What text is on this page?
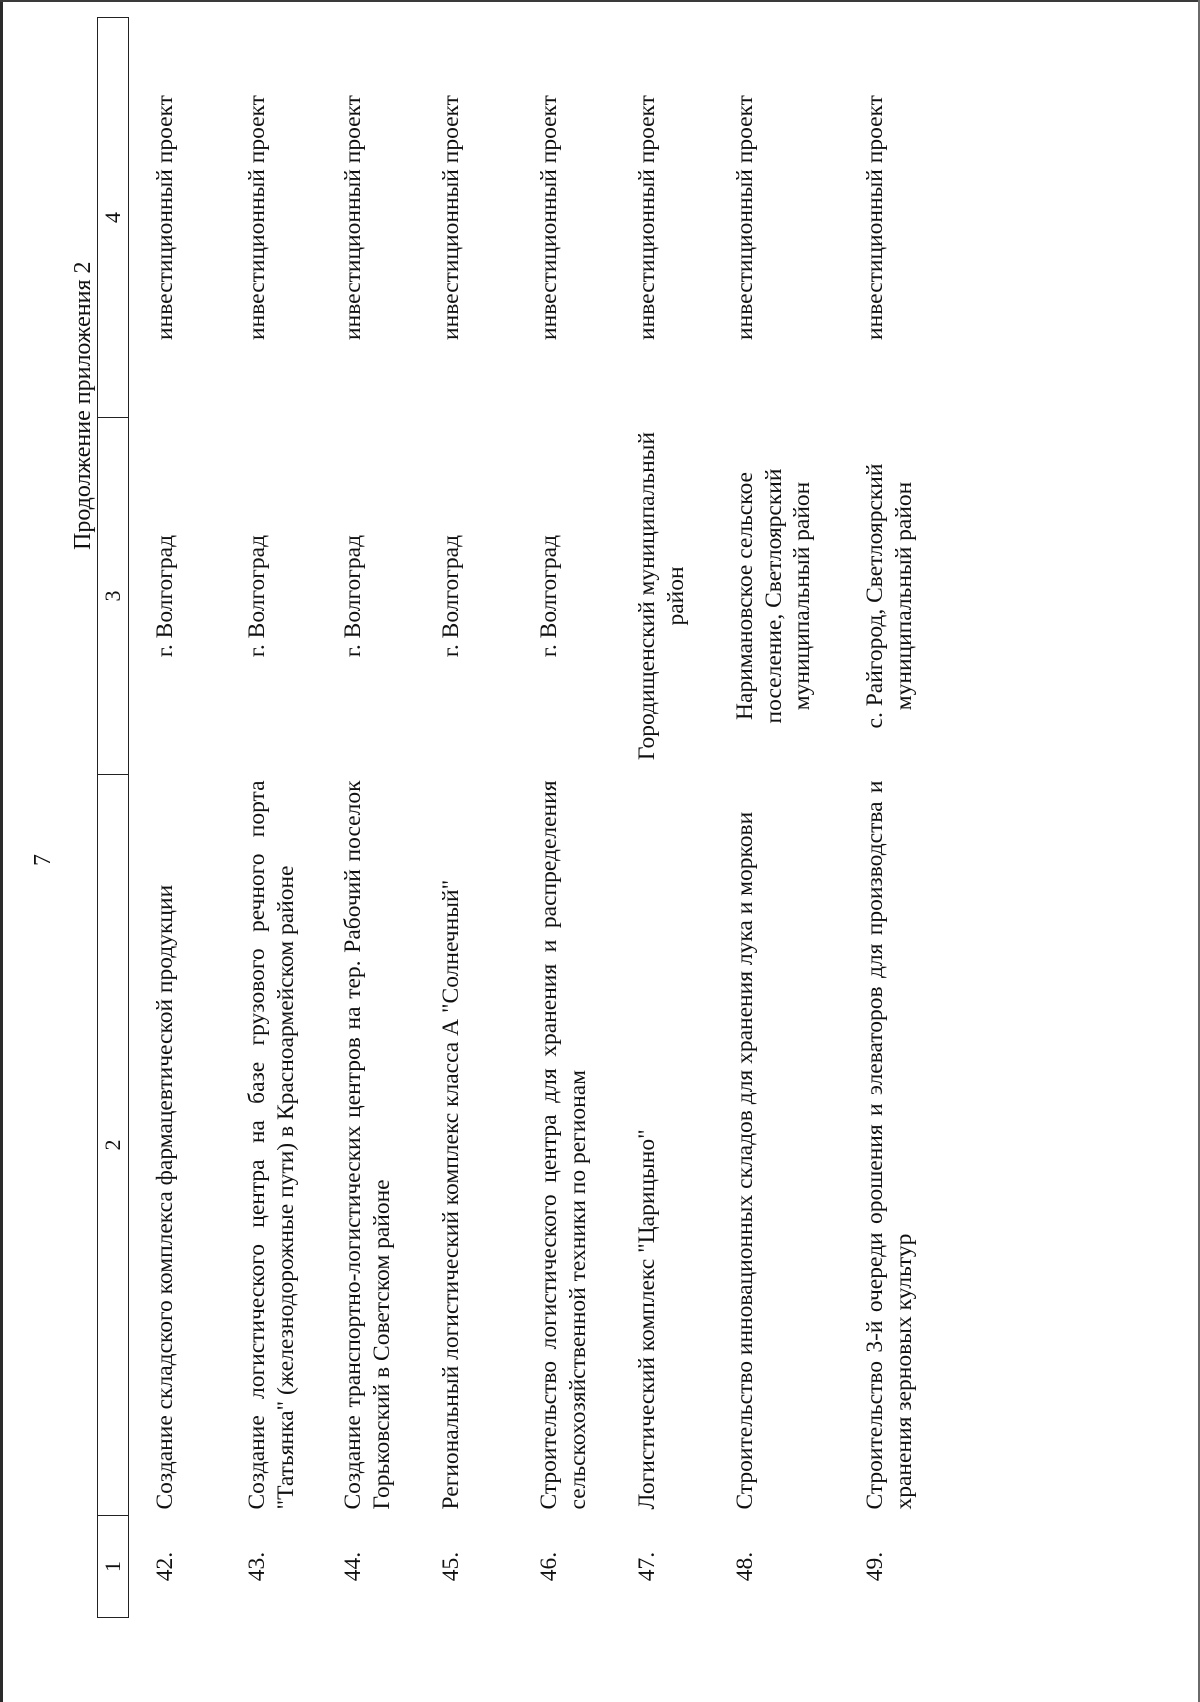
7
Продолжение приложения 2
1	2	3	4
42.	Создание складского комплекса фармацевтической продукции	г. Волгоград	инвестиционный проект
43.	Создание логистического центра на базе грузового речного порта "Татьянка" (железнодорожные пути) в Красноармейском районе	г. Волгоград	инвестиционный проект
44.	Создание транспортно-логистических центров на тер. Рабочий поселок Горьковский в Советском районе	г. Волгоград	инвестиционный проект
45.	Региональный логистический комплекс класса А "Солнечный"	г. Волгоград	инвестиционный проект
46.	Строительство логистического центра для хранения и распределения сельскохозяйственной техники по регионам	г. Волгоград	инвестиционный проект
47.	Логистический комплекс "Царицыно"	Городищенский муниципальный район	инвестиционный проект
48.	Строительство инновационных складов для хранения лука и моркови	Наримановское сельское поселение, Светлоярский муниципальный район	инвестиционный проект
49.	Строительство 3-й очереди орошения и элеваторов для производства и хранения зерновых культур	с. Райгород, Светлоярский муниципальный район	инвестиционный проект
